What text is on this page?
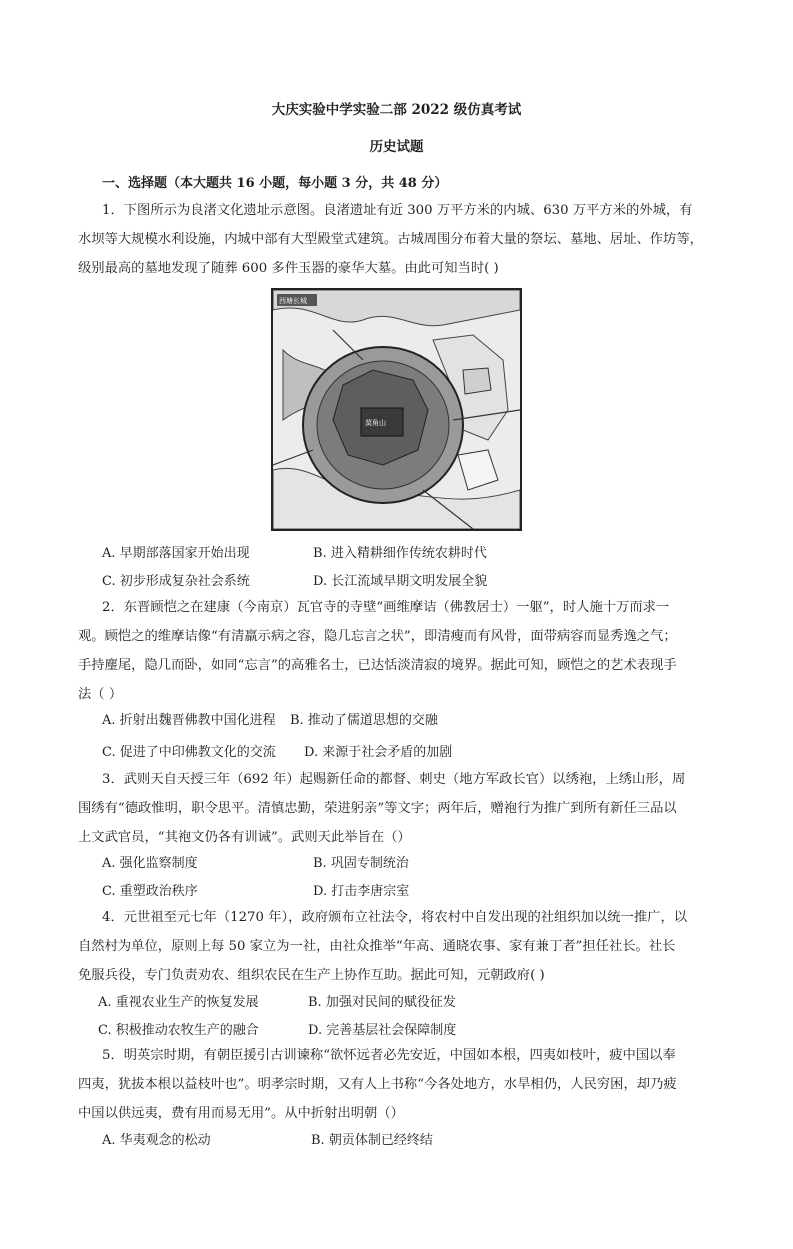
大庆实验中学实验二部 2022 级仿真考试
历史试题
一、选择题（本大题共 16 小题，每小题 3 分，共 48 分）
1．下图所示为良渚文化遗址示意图。良渚遗址有近 300 万平方米的内城、630 万平方米的外城，有
水坝等大规模水利设施，内城中部有大型殿堂式建筑。古城周围分布着大量的祭坛、墓地、居址、作坊等，
级别最高的墓地发现了随葬 600 多件玉器的豪华大墓。由此可知当时( )
莫角山
西塘长城
A. 早期部落国家开始出现	B. 进入精耕细作传统农耕时代
C. 初步形成复杂社会系统	D. 长江流域早期文明发展全貌
2．东晋顾恺之在建康（今南京）瓦官寺的寺壁“画维摩诘（佛教居士）一躯”，时人施十万而求一
观。顾恺之的维摩诘像“有清羸示病之容，隐几忘言之状”，即清瘦而有风骨，面带病容而显秀逸之气；
手持麈尾，隐几而卧，如同“忘言”的高雅名士，已达恬淡清寂的境界。据此可知，顾恺之的艺术表现手
法（ ）
A. 折射出魏晋佛教中国化进程 B. 推动了儒道思想的交融
C. 促进了中印佛教文化的交流 D. 来源于社会矛盾的加剧
3．武则天自天授三年（692 年）起赐新任命的都督、刺史（地方军政长官）以绣袍，上绣山形，周
围绣有“德政惟明，职令思平。清慎忠勤，荣进躬亲”等文字；两年后，赠袍行为推广到所有新任三品以
上文武官员，“其袍文仍各有训诫”。武则天此举旨在（）
A. 强化监察制度	B. 巩固专制统治
C. 重塑政治秩序	D. 打击李唐宗室
4．元世祖至元七年（1270 年），政府颁布立社法令，将农村中自发出现的社组织加以统一推广，以
自然村为单位，原则上每 50 家立为一社，由社众推举“年高、通晓农事、家有兼丁者”担任社长。社长
免服兵役，专门负责劝农、组织农民在生产上协作互助。据此可知，元朝政府( )
A. 重视农业生产的恢复发展	B. 加强对民间的赋役征发
C. 积极推动农牧生产的融合	D. 完善基层社会保障制度
5．明英宗时期，有朝臣援引古训谏称“欲怀远者必先安近，中国如本根，四夷如枝叶，疲中国以奉
四夷，犹拔本根以益枝叶也”。明孝宗时期，又有人上书称“今各处地方，水旱相仍，人民穷困，却乃疲
中国以供远夷，费有用而易无用”。从中折射出明朝（）
A. 华夷观念的松动	B. 朝贡体制已经终结
